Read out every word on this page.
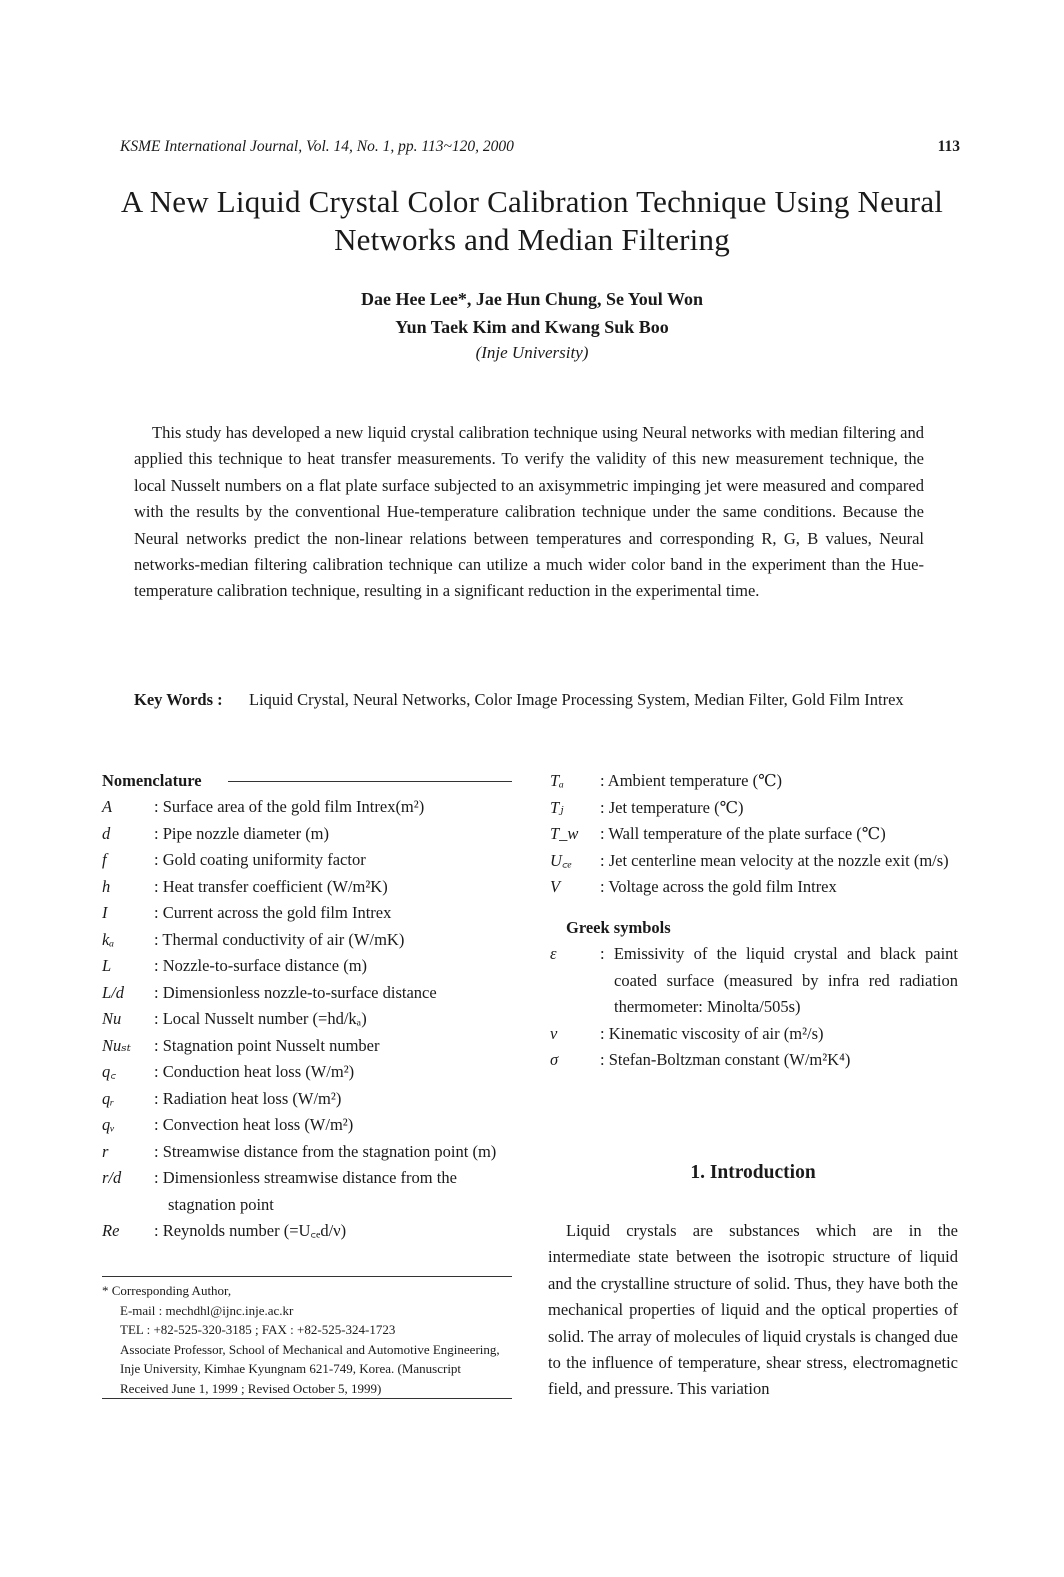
KSME International Journal, Vol. 14, No. 1, pp. 113~120, 2000	113
A New Liquid Crystal Color Calibration Technique Using Neural Networks and Median Filtering
Dae Hee Lee*, Jae Hun Chung, Se Youl Won
Yun Taek Kim and Kwang Suk Boo
(Inje University)
This study has developed a new liquid crystal calibration technique using Neural networks with median filtering and applied this technique to heat transfer measurements. To verify the validity of this new measurement technique, the local Nusselt numbers on a flat plate surface subjected to an axisymmetric impinging jet were measured and compared with the results by the conventional Hue-temperature calibration technique under the same conditions. Because the Neural networks predict the non-linear relations between temperatures and corresponding R, G, B values, Neural networks-median filtering calibration technique can utilize a much wider color band in the experiment than the Hue-temperature calibration technique, resulting in a significant reduction in the experimental time.
Key Words : Liquid Crystal, Neural Networks, Color Image Processing System, Median Filter, Gold Film Intrex
Nomenclature
A	: Surface area of the gold film Intrex(m²)
d	: Pipe nozzle diameter (m)
f	: Gold coating uniformity factor
h	: Heat transfer coefficient (W/m²K)
I	: Current across the gold film Intrex
kₐ : Thermal conductivity of air (W/mK)
L	: Nozzle-to-surface distance (m)
L/d : Dimensionless nozzle-to-surface distance
Nu : Local Nusselt number (=hd/kₐ)
Nuₛₜ : Stagnation point Nusselt number
q꜀ : Conduction heat loss (W/m²)
qᵣ : Radiation heat loss (W/m²)
qᵥ : Convection heat loss (W/m²)
r	: Streamwise distance from the stagnation point (m)
r/d : Dimensionless streamwise distance from the stagnation point
Re : Reynolds number (=U꜀ₑd/ν)
* Corresponding Author,
E-mail : mechdhl@ijnc.inje.ac.kr
TEL : +82-525-320-3185 ; FAX : +82-525-324-1723
Associate Professor, School of Mechanical and Automotive Engineering, Inje University, Kimhae Kyungnam 621-749, Korea. (Manuscript Received June 1, 1999 ; Revised October 5, 1999)
Tₐ : Ambient temperature (℃)
Tⱼ : Jet temperature (℃)
T_w : Wall temperature of the plate surface (℃)
U꜀ₑ : Jet centerline mean velocity at the nozzle exit (m/s)
V : Voltage across the gold film Intrex
Greek symbols
ε	: Emissivity of the liquid crystal and black paint coated surface (measured by infra red radiation thermometer: Minolta/505s)
ν	: Kinematic viscosity of air (m²/s)
σ	: Stefan-Boltzman constant (W/m²K⁴)
1. Introduction
Liquid crystals are substances which are in the intermediate state between the isotropic structure of liquid and the crystalline structure of solid. Thus, they have both the mechanical properties of liquid and the optical properties of solid. The array of molecules of liquid crystals is changed due to the influence of temperature, shear stress, electromagnetic field, and pressure. This variation
